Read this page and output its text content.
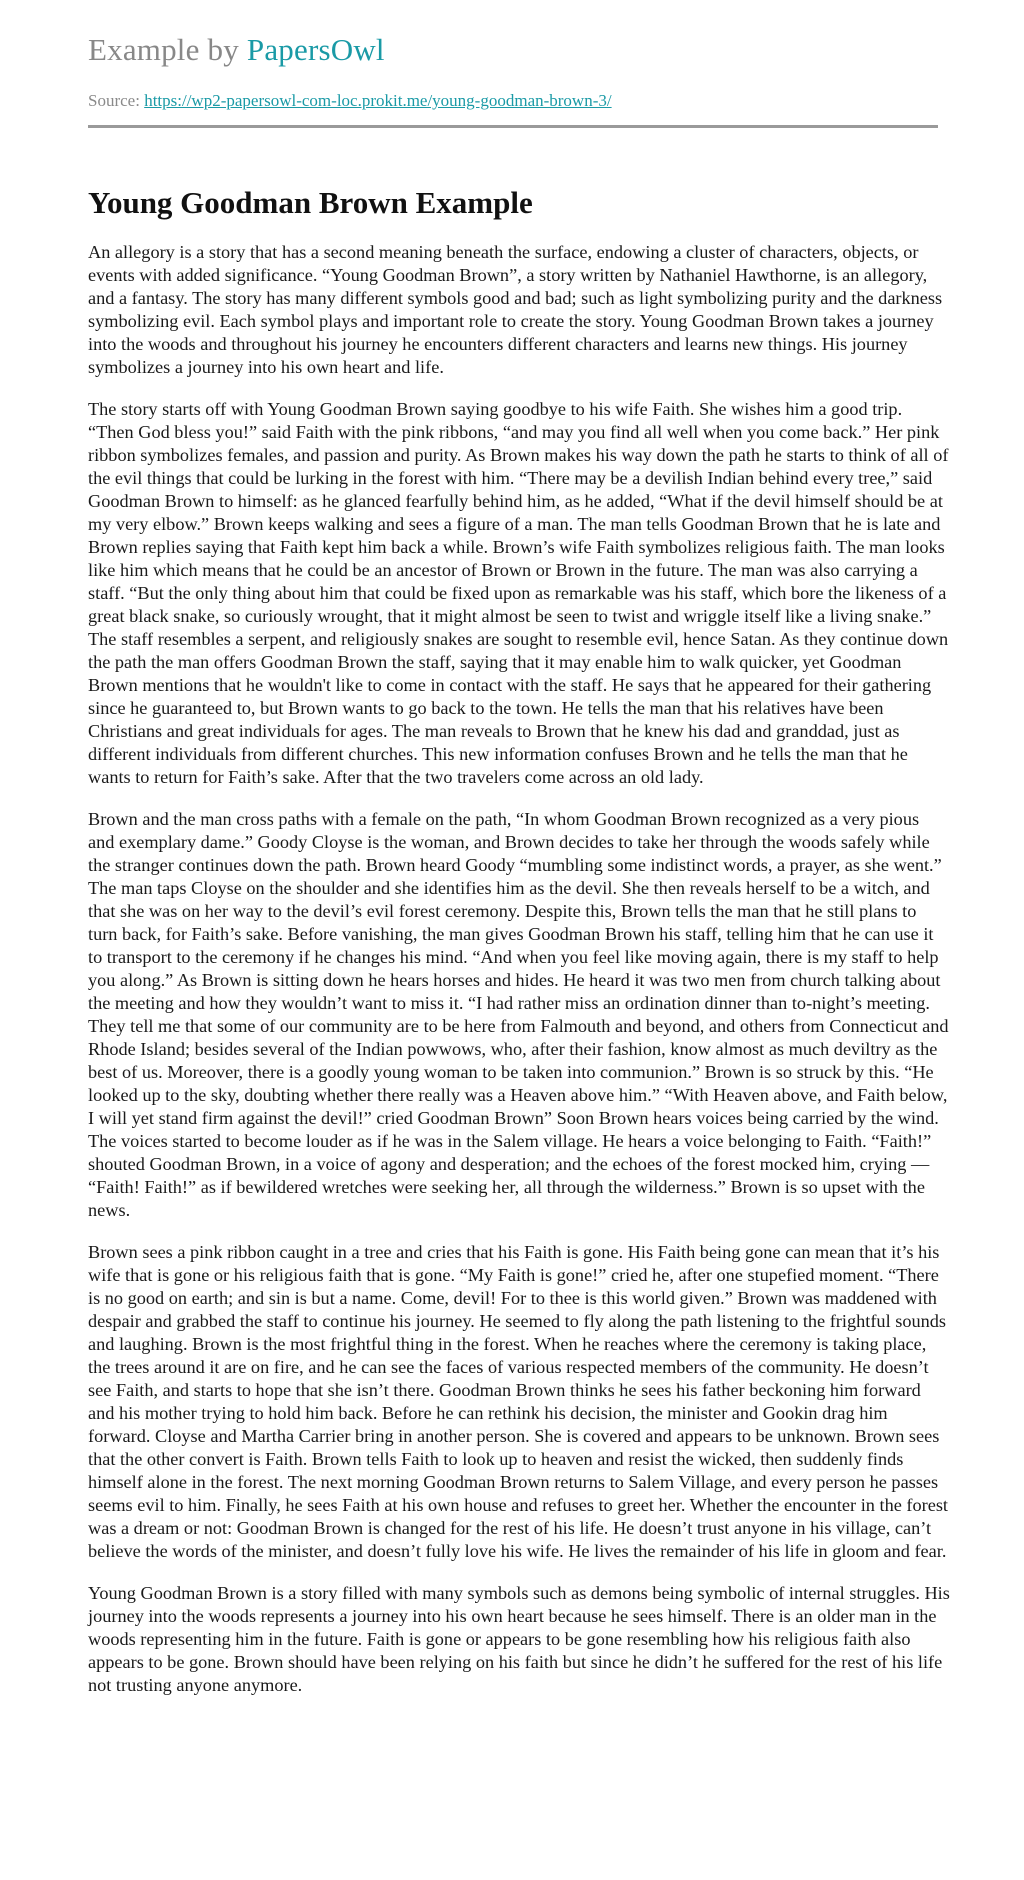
Example by PapersOwl
Source: https://wp2-papersowl-com-loc.prokit.me/young-goodman-brown-3/
Young Goodman Brown Example

An allegory is a story that has a second meaning beneath the surface, endowing a cluster of characters, objects, or events with added significance. “Young Goodman Brown”, a story written by Nathaniel Hawthorne, is an allegory, and a fantasy. The story has many different symbols good and bad; such as light symbolizing purity and the darkness symbolizing evil. Each symbol plays and important role to create the story. Young Goodman Brown takes a journey into the woods and throughout his journey he encounters different characters and learns new things. His journey symbolizes a journey into his own heart and life.

The story starts off with Young Goodman Brown saying goodbye to his wife Faith. She wishes him a good trip. “Then God bless you!” said Faith with the pink ribbons, “and may you find all well when you come back.” Her pink ribbon symbolizes females, and passion and purity. As Brown makes his way down the path he starts to think of all of the evil things that could be lurking in the forest with him. “There may be a devilish Indian behind every tree,” said Goodman Brown to himself: as he glanced fearfully behind him, as he added, “What if the devil himself should be at my very elbow.” Brown keeps walking and sees a figure of a man. The man tells Goodman Brown that he is late and Brown replies saying that Faith kept him back a while. Brown’s wife Faith symbolizes religious faith. The man looks like him which means that he could be an ancestor of Brown or Brown in the future. The man was also carrying a staff. “But the only thing about him that could be fixed upon as remarkable was his staff, which bore the likeness of a great black snake, so curiously wrought, that it might almost be seen to twist and wriggle itself like a living snake.” The staff resembles a serpent, and religiously snakes are sought to resemble evil, hence Satan. As they continue down the path the man offers Goodman Brown the staff, saying that it may enable him to walk quicker, yet Goodman Brown mentions that he wouldn't like to come in contact with the staff. He says that he appeared for their gathering since he guaranteed to, but Brown wants to go back to the town. He tells the man that his relatives have been Christians and great individuals for ages. The man reveals to Brown that he knew his dad and granddad, just as different individuals from different churches. This new information confuses Brown and he tells the man that he wants to return for Faith’s sake. After that the two travelers come across an old lady.

Brown and the man cross paths with a female on the path, “In whom Goodman Brown recognized as a very pious and exemplary dame.” Goody Cloyse is the woman, and Brown decides to take her through the woods safely while the stranger continues down the path. Brown heard Goody “mumbling some indistinct words, a prayer, as she went.” The man taps Cloyse on the shoulder and she identifies him as the devil. She then reveals herself to be a witch, and that she was on her way to the devil’s evil forest ceremony. Despite this, Brown tells the man that he still plans to turn back, for Faith’s sake. Before vanishing, the man gives Goodman Brown his staff, telling him that he can use it to transport to the ceremony if he changes his mind. “And when you feel like moving again, there is my staff to help you along.” As Brown is sitting down he hears horses and hides. He heard it was two men from church talking about the meeting and how they wouldn’t want to miss it. “I had rather miss an ordination dinner than to-night’s meeting. They tell me that some of our community are to be here from Falmouth and beyond, and others from Connecticut and Rhode Island; besides several of the Indian powwows, who, after their fashion, know almost as much deviltry as the best of us. Moreover, there is a goodly young woman to be taken into communion.” Brown is so struck by this. “He looked up to the sky, doubting whether there really was a Heaven above him.” “With Heaven above, and Faith below, I will yet stand firm against the devil!” cried Goodman Brown” Soon Brown hears voices being carried by the wind. The voices started to become louder as if he was in the Salem village. He hears a voice belonging to Faith. “Faith!” shouted Goodman Brown, in a voice of agony and desperation; and the echoes of the forest mocked him, crying — “Faith! Faith!” as if bewildered wretches were seeking her, all through the wilderness.” Brown is so upset with the news.

Brown sees a pink ribbon caught in a tree and cries that his Faith is gone. His Faith being gone can mean that it’s his wife that is gone or his religious faith that is gone. “My Faith is gone!” cried he, after one stupefied moment. “There is no good on earth; and sin is but a name. Come, devil! For to thee is this world given.” Brown was maddened with despair and grabbed the staff to continue his journey. He seemed to fly along the path listening to the frightful sounds and laughing. Brown is the most frightful thing in the forest. When he reaches where the ceremony is taking place, the trees around it are on fire, and he can see the faces of various respected members of the community. He doesn’t see Faith, and starts to hope that she isn’t there. Goodman Brown thinks he sees his father beckoning him forward and his mother trying to hold him back. Before he can rethink his decision, the minister and Gookin drag him forward. Cloyse and Martha Carrier bring in another person. She is covered and appears to be unknown. Brown sees that the other convert is Faith. Brown tells Faith to look up to heaven and resist the wicked, then suddenly finds himself alone in the forest. The next morning Goodman Brown returns to Salem Village, and every person he passes seems evil to him. Finally, he sees Faith at his own house and refuses to greet her. Whether the encounter in the forest was a dream or not: Goodman Brown is changed for the rest of his life. He doesn’t trust anyone in his village, can’t believe the words of the minister, and doesn’t fully love his wife. He lives the remainder of his life in gloom and fear.

Young Goodman Brown is a story filled with many symbols such as demons being symbolic of internal struggles. His journey into the woods represents a journey into his own heart because he sees himself. There is an older man in the woods representing him in the future. Faith is gone or appears to be gone resembling how his religious faith also appears to be gone. Brown should have been relying on his faith but since he didn’t he suffered for the rest of his life not trusting anyone anymore.
